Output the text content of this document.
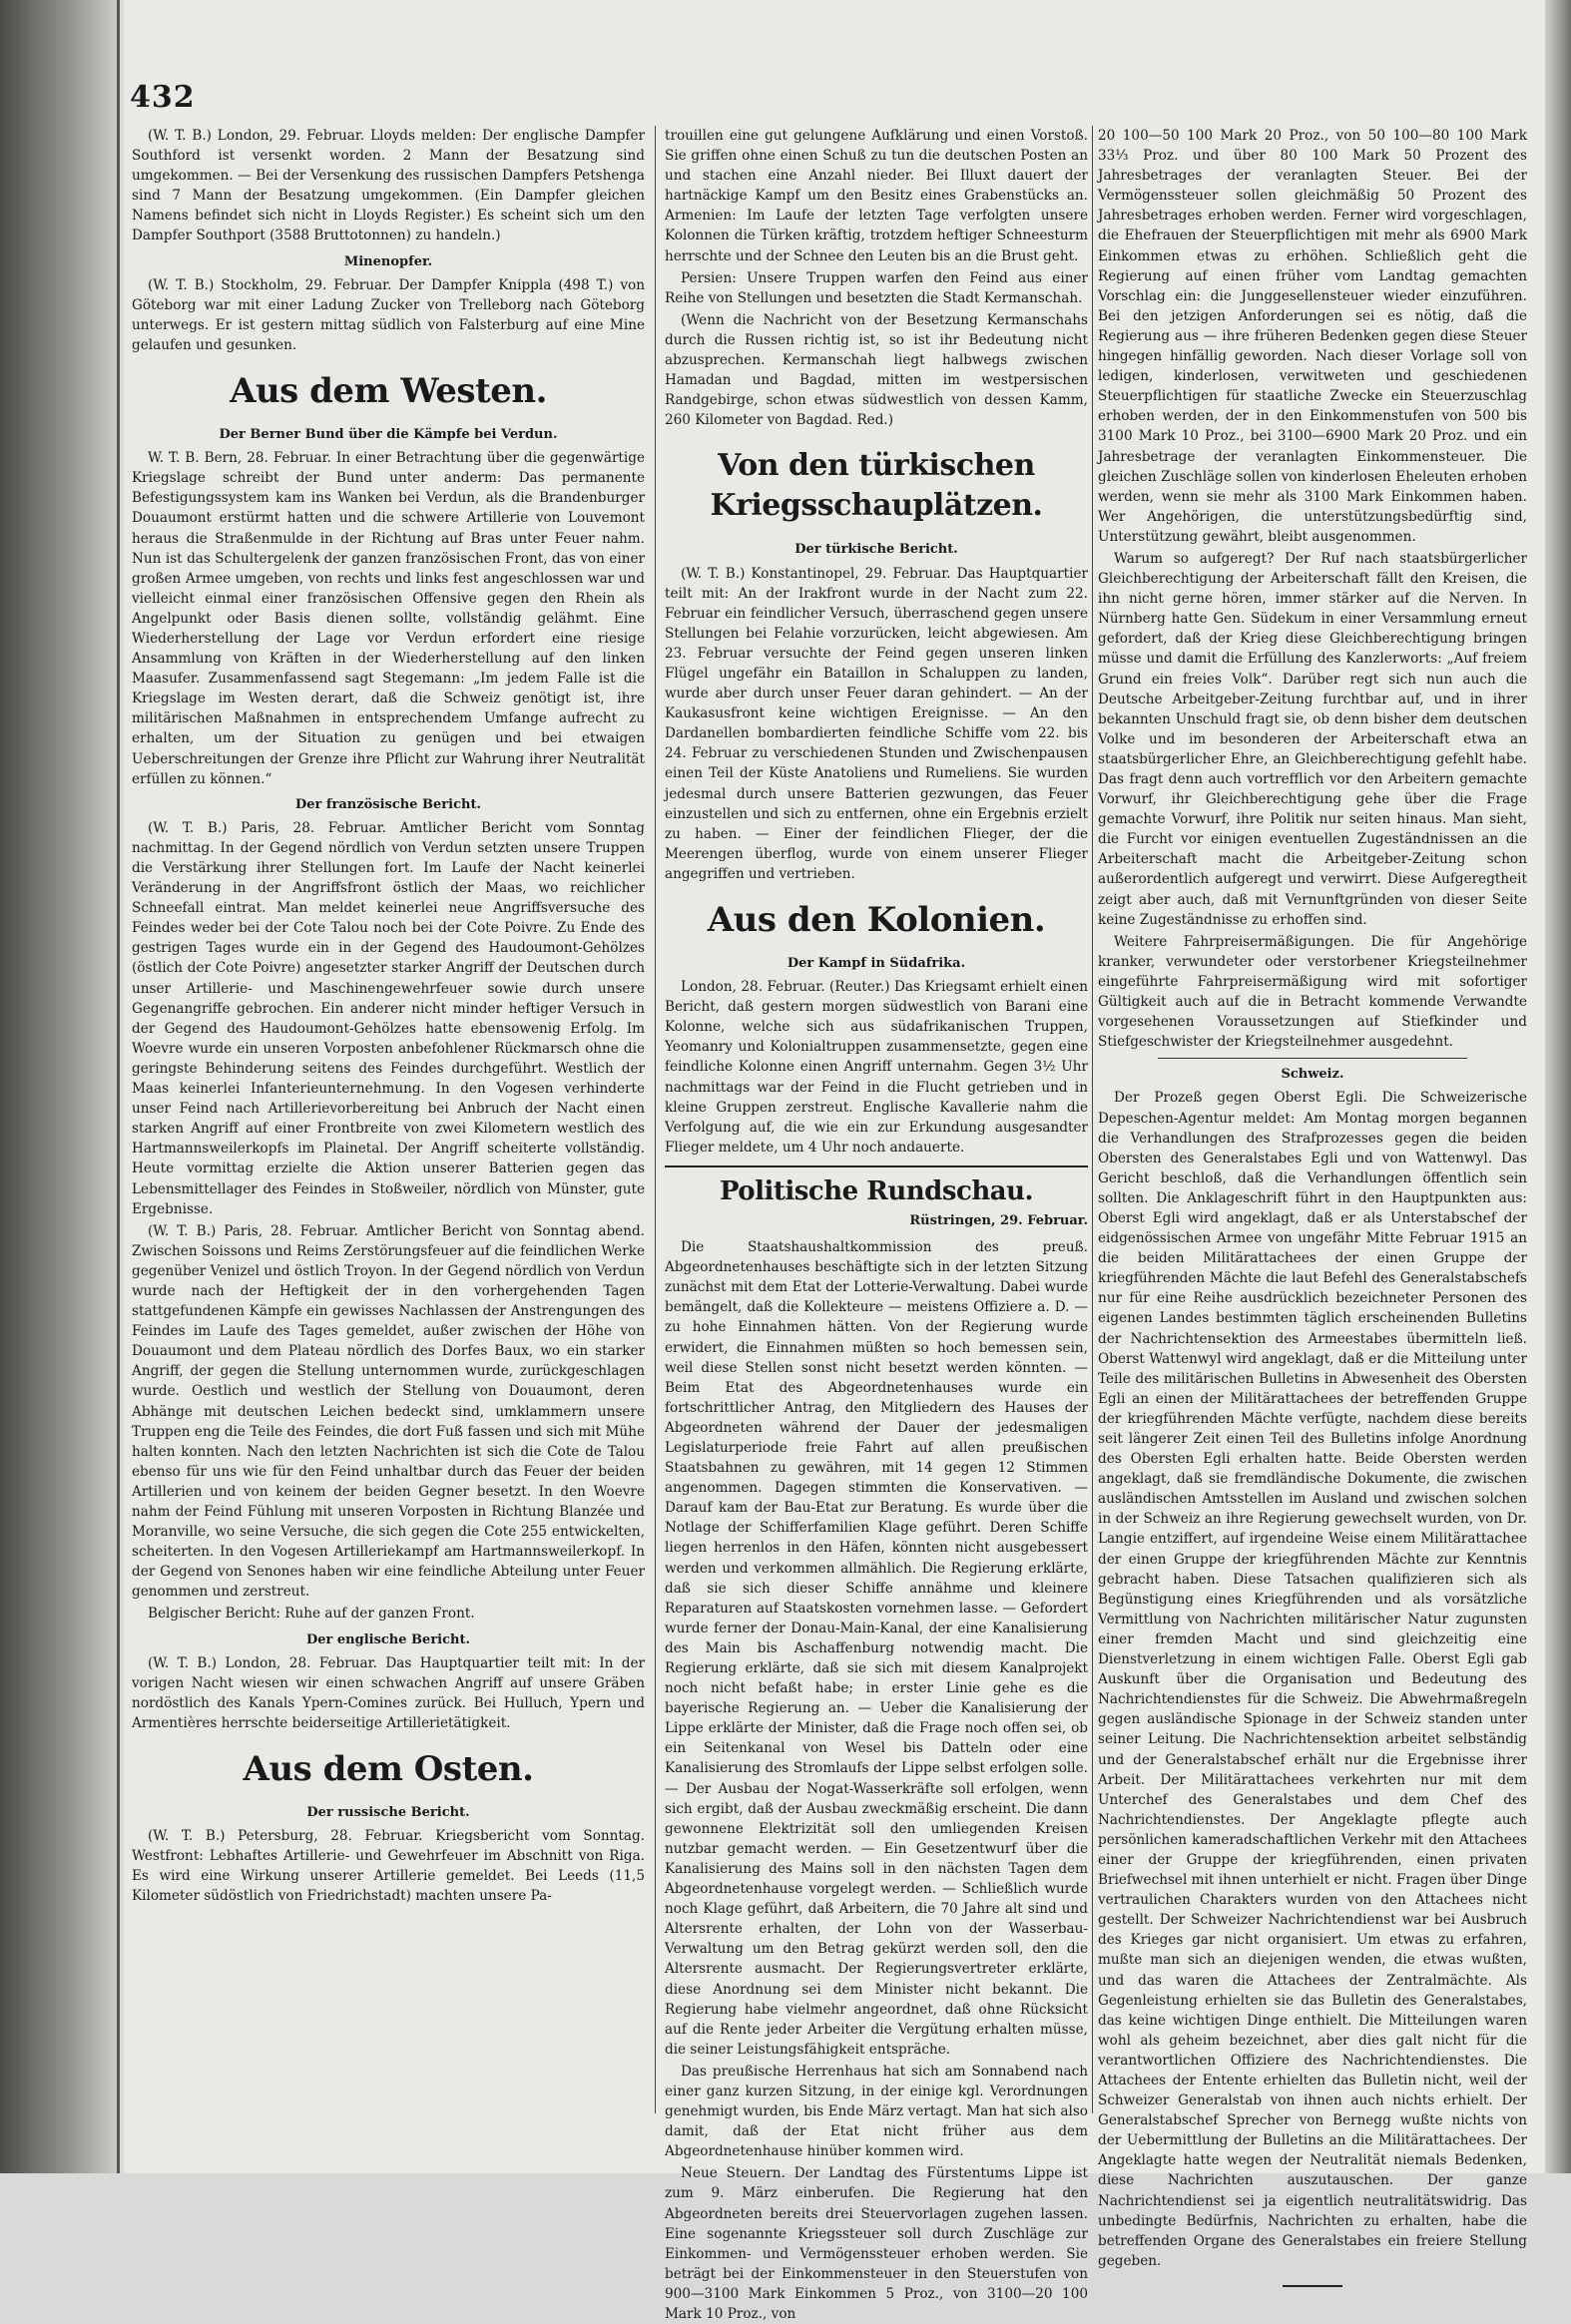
432

(W. T. B.) London, 29. Februar. Lloyds melden: Der englische Dampfer Southford ist versenkt worden. 2 Mann der Besatzung sind umgekommen. — Bei der Versenkung des russischen Dampfers Petshenga sind 7 Mann der Besatzung umgekommen. (Ein Dampfer gleichen Namens befindet sich nicht in Lloyds Register.) Es scheint sich um den Dampfer Southport (3588 Bruttotonnen) zu handeln.)

Minenopfer.

(W. T. B.) Stockholm, 29. Februar. Der Dampfer Knippla (498 T.) von Göteborg war mit einer Ladung Zucker von Trelleborg nach Göteborg unterwegs. Er ist gestern mittag südlich von Falsterburg auf eine Mine gelaufen und gesunken.

Aus dem Westen.
Der Berner Bund über die Kämpfe bei Verdun.

W. T. B. Bern, 28. Februar. In einer Betrachtung über die gegenwärtige Kriegslage schreibt der Bund unter anderm: Das permanente Befestigungssystem kam ins Wanken bei Verdun, als die Brandenburger Douaumont erstürmt hatten und die schwere Artillerie von Louvemont heraus die Straßenmulde in der Richtung auf Bras unter Feuer nahm. Nun ist das Schultergelenk der ganzen französischen Front, das von einer großen Armee umgeben, von rechts und links fest angeschlossen war und vielleicht einmal einer französischen Offensive gegen den Rhein als Angelpunkt oder Basis dienen sollte, vollständig gelähmt. Eine Wiederherstellung der Lage vor Verdun erfordert eine riesige Ansammlung von Kräften in der Wiederherstellung auf den linken Maasufer. Zusammenfassend sagt Stegemann: „Im jedem Falle ist die Kriegslage im Westen derart, daß die Schweiz genötigt ist, ihre militärischen Maßnahmen in entsprechendem Umfange aufrecht zu erhalten, um der Situation zu genügen und bei etwaigen Ueberschreitungen der Grenze ihre Pflicht zur Wahrung ihrer Neutralität erfüllen zu können.“

Der französische Bericht.

(W. T. B.) Paris, 28. Februar. Amtlicher Bericht vom Sonntag nachmittag. In der Gegend nördlich von Verdun setzten unsere Truppen die Verstärkung ihrer Stellungen fort. Im Laufe der Nacht keinerlei Veränderung in der Angriffsfront östlich der Maas, wo reichlicher Schneefall eintrat. Man meldet keinerlei neue Angriffsversuche des Feindes weder bei der Cote Talou noch bei der Cote Poivre. Zu Ende des gestrigen Tages wurde ein in der Gegend des Haudoumont-Gehölzes (östlich der Cote Poivre) angesetzter starker Angriff der Deutschen durch unser Artillerie- und Maschinengewehrfeuer sowie durch unsere Gegenangriffe gebrochen. Ein anderer nicht minder heftiger Versuch in der Gegend des Haudoumont-Gehölzes hatte ebensowenig Erfolg. Im Woevre wurde ein unseren Vorposten anbefohlener Rückmarsch ohne die geringste Behinderung seitens des Feindes durchgeführt. Westlich der Maas keinerlei Infanterieunternehmung. In den Vogesen verhinderte unser Feind nach Artillerievorbereitung bei Anbruch der Nacht einen starken Angriff auf einer Frontbreite von zwei Kilometern westlich des Hartmannsweilerkopfs im Plainetal. Der Angriff scheiterte vollständig. Heute vormittag erzielte die Aktion unserer Batterien gegen das Lebensmittellager des Feindes in Stoßweiler, nördlich von Münster, gute Ergebnisse.

(W. T. B.) Paris, 28. Februar. Amtlicher Bericht von Sonntag abend. Zwischen Soissons und Reims Zerstörungsfeuer auf die feindlichen Werke gegenüber Venizel und östlich Troyon. In der Gegend nördlich von Verdun wurde nach der Heftigkeit der in den vorhergehenden Tagen stattgefundenen Kämpfe ein gewisses Nachlassen der Anstrengungen des Feindes im Laufe des Tages gemeldet, außer zwischen der Höhe von Douaumont und dem Plateau nördlich des Dorfes Baux, wo ein starker Angriff, der gegen die Stellung unternommen wurde, zurückgeschlagen wurde. Oestlich und westlich der Stellung von Douaumont, deren Abhänge mit deutschen Leichen bedeckt sind, umklammern unsere Truppen eng die Teile des Feindes, die dort Fuß fassen und sich mit Mühe halten konnten. Nach den letzten Nachrichten ist sich die Cote de Talou ebenso für uns wie für den Feind unhaltbar durch das Feuer der beiden Artillerien und von keinem der beiden Gegner besetzt. In den Woevre nahm der Feind Fühlung mit unseren Vorposten in Richtung Blanzée und Moranville, wo seine Versuche, die sich gegen die Cote 255 entwickelten, scheiterten. In den Vogesen Artilleriekampf am Hartmannsweilerkopf. In der Gegend von Senones haben wir eine feindliche Abteilung unter Feuer genommen und zerstreut.

Belgischer Bericht: Ruhe auf der ganzen Front.

Der englische Bericht.

(W. T. B.) London, 28. Februar. Das Hauptquartier teilt mit: In der vorigen Nacht wiesen wir einen schwachen Angriff auf unsere Gräben nordöstlich des Kanals Ypern-Comines zurück. Bei Hulluch, Ypern und Armentières herrschte beiderseitige Artillerietätigkeit.

Aus dem Osten.
Der russische Bericht.

(W. T. B.) Petersburg, 28. Februar. Kriegsbericht vom Sonntag. Westfront: Lebhaftes Artillerie- und Gewehrfeuer im Abschnitt von Riga. Es wird eine Wirkung unserer Artillerie gemeldet. Bei Leeds (11,5 Kilometer südöstlich von Friedrichstadt) machten unsere Pa-

trouillen eine gut gelungene Aufklärung und einen Vorstoß. Sie griffen ohne einen Schuß zu tun die deutschen Posten an und stachen eine Anzahl nieder. Bei Illuxt dauert der hartnäckige Kampf um den Besitz eines Grabenstücks an. Armenien: Im Laufe der letzten Tage verfolgten unsere Kolonnen die Türken kräftig, trotzdem heftiger Schneesturm herrschte und der Schnee den Leuten bis an die Brust geht.

Persien: Unsere Truppen warfen den Feind aus einer Reihe von Stellungen und besetzten die Stadt Kermanschah.

(Wenn die Nachricht von der Besetzung Kermanschahs durch die Russen richtig ist, so ist ihr Bedeutung nicht abzusprechen. Kermanschah liegt halbwegs zwischen Hamadan und Bagdad, mitten im westpersischen Randgebirge, schon etwas südwestlich von dessen Kamm, 260 Kilometer von Bagdad. Red.)

Von den türkischen Kriegsschauplätzen.
Der türkische Bericht.

(W. T. B.) Konstantinopel, 29. Februar. Das Hauptquartier teilt mit: An der Irakfront wurde in der Nacht zum 22. Februar ein feindlicher Versuch, überraschend gegen unsere Stellungen bei Felahie vorzurücken, leicht abgewiesen. Am 23. Februar versuchte der Feind gegen unseren linken Flügel ungefähr ein Bataillon in Schaluppen zu landen, wurde aber durch unser Feuer daran gehindert. — An der Kaukasusfront keine wichtigen Ereignisse. — An den Dardanellen bombardierten feindliche Schiffe vom 22. bis 24. Februar zu verschiedenen Stunden und Zwischenpausen einen Teil der Küste Anatoliens und Rumeliens. Sie wurden jedesmal durch unsere Batterien gezwungen, das Feuer einzustellen und sich zu entfernen, ohne ein Ergebnis erzielt zu haben. — Einer der feindlichen Flieger, der die Meerengen überflog, wurde von einem unserer Flieger angegriffen und vertrieben.

Aus den Kolonien.
Der Kampf in Südafrika.

London, 28. Februar. (Reuter.) Das Kriegsamt erhielt einen Bericht, daß gestern morgen südwestlich von Barani eine Kolonne, welche sich aus südafrikanischen Truppen, Yeomanry und Kolonialtruppen zusammensetzte, gegen eine feindliche Kolonne einen Angriff unternahm. Gegen 3½ Uhr nachmittags war der Feind in die Flucht getrieben und in kleine Gruppen zerstreut. Englische Kavallerie nahm die Verfolgung auf, die wie ein zur Erkundung ausgesandter Flieger meldete, um 4 Uhr noch andauerte.

Politische Rundschau.
Rüstringen, 29. Februar.

Die Staatshaushaltkommission des preuß. Abgeordnetenhauses beschäftigte sich in der letzten Sitzung zunächst mit dem Etat der Lotterie-Verwaltung. Dabei wurde bemängelt, daß die Kollekteure — meistens Offiziere a. D. — zu hohe Einnahmen hätten. Von der Regierung wurde erwidert, die Einnahmen müßten so hoch bemessen sein, weil diese Stellen sonst nicht besetzt werden könnten. — Beim Etat des Abgeordnetenhauses wurde ein fortschrittlicher Antrag, den Mitgliedern des Hauses der Abgeordneten während der Dauer der jedesmaligen Legislaturperiode freie Fahrt auf allen preußischen Staatsbahnen zu gewähren, mit 14 gegen 12 Stimmen angenommen. Dagegen stimmten die Konservativen. — Darauf kam der Bau-Etat zur Beratung. Es wurde über die Notlage der Schifferfamilien Klage geführt. Deren Schiffe liegen herrenlos in den Häfen, könnten nicht ausgebessert werden und verkommen allmählich. Die Regierung erklärte, daß sie sich dieser Schiffe annähme und kleinere Reparaturen auf Staatskosten vornehmen lasse. — Gefordert wurde ferner der Donau-Main-Kanal, der eine Kanalisierung des Main bis Aschaffenburg notwendig macht. Die Regierung erklärte, daß sie sich mit diesem Kanalprojekt noch nicht befaßt habe; in erster Linie gehe es die bayerische Regierung an. — Ueber die Kanalisierung der Lippe erklärte der Minister, daß die Frage noch offen sei, ob ein Seitenkanal von Wesel bis Datteln oder eine Kanalisierung des Stromlaufs der Lippe selbst erfolgen solle. — Der Ausbau der Nogat-Wasserkräfte soll erfolgen, wenn sich ergibt, daß der Ausbau zweckmäßig erscheint. Die dann gewonnene Elektrizität soll den umliegenden Kreisen nutzbar gemacht werden. — Ein Gesetzentwurf über die Kanalisierung des Mains soll in den nächsten Tagen dem Abgeordnetenhause vorgelegt werden. — Schließlich wurde noch Klage geführt, daß Arbeitern, die 70 Jahre alt sind und Altersrente erhalten, der Lohn von der Wasserbau-Verwaltung um den Betrag gekürzt werden soll, den die Altersrente ausmacht. Der Regierungsvertreter erklärte, diese Anordnung sei dem Minister nicht bekannt. Die Regierung habe vielmehr angeordnet, daß ohne Rücksicht auf die Rente jeder Arbeiter die Vergütung erhalten müsse, die seiner Leistungsfähigkeit entspräche.

Das preußische Herrenhaus hat sich am Sonnabend nach einer ganz kurzen Sitzung, in der einige kgl. Verordnungen genehmigt wurden, bis Ende März vertagt. Man hat sich also damit, daß der Etat nicht früher aus dem Abgeordnetenhause hinüber kommen wird.

Neue Steuern. Der Landtag des Fürstentums Lippe ist zum 9. März einberufen. Die Regierung hat den Abgeordneten bereits drei Steuervorlagen zugehen lassen. Eine sogenannte Kriegssteuer soll durch Zuschläge zur Einkommen- und Vermögenssteuer erhoben werden. Sie beträgt bei der Einkommensteuer in den Steuerstufen von 900—3100 Mark Einkommen 5 Proz., von 3100—20 100 Mark 10 Proz., von

20 100—50 100 Mark 20 Proz., von 50 100—80 100 Mark 33⅓ Proz. und über 80 100 Mark 50 Prozent des Jahresbetrages der veranlagten Steuer. Bei der Vermögenssteuer sollen gleichmäßig 50 Prozent des Jahresbetrages erhoben werden. Ferner wird vorgeschlagen, die Ehefrauen der Steuerpflichtigen mit mehr als 6900 Mark Einkommen etwas zu erhöhen. Schließlich geht die Regierung auf einen früher vom Landtag gemachten Vorschlag ein: die Junggesellensteuer wieder einzuführen. Bei den jetzigen Anforderungen sei es nötig, daß die Regierung aus — ihre früheren Bedenken gegen diese Steuer hingegen hinfällig geworden. Nach dieser Vorlage soll von ledigen, kinderlosen, verwitweten und geschiedenen Steuerpflichtigen für staatliche Zwecke ein Steuerzuschlag erhoben werden, der in den Einkommenstufen von 500 bis 3100 Mark 10 Proz., bei 3100—6900 Mark 20 Proz. und ein Jahresbetrage der veranlagten Einkommensteuer. Die gleichen Zuschläge sollen von kinderlosen Eheleuten erhoben werden, wenn sie mehr als 3100 Mark Einkommen haben. Wer Angehörigen, die unterstützungsbedürftig sind, Unterstützung gewährt, bleibt ausgenommen.

Warum so aufgeregt? Der Ruf nach staatsbürgerlicher Gleichberechtigung der Arbeiterschaft fällt den Kreisen, die ihn nicht gerne hören, immer stärker auf die Nerven. In Nürnberg hatte Gen. Südekum in einer Versammlung erneut gefordert, daß der Krieg diese Gleichberechtigung bringen müsse und damit die Erfüllung des Kanzlerworts: „Auf freiem Grund ein freies Volk“. Darüber regt sich nun auch die Deutsche Arbeitgeber-Zeitung furchtbar auf, und in ihrer bekannten Unschuld fragt sie, ob denn bisher dem deutschen Volke und im besonderen der Arbeiterschaft etwa an staatsbürgerlicher Ehre, an Gleichberechtigung gefehlt habe. Das fragt denn auch vortrefflich vor den Arbeitern gemachte Vorwurf, ihr Gleichberechtigung gehe über die Frage gemachte Vorwurf, ihre Politik nur seiten hinaus. Man sieht, die Furcht vor einigen eventuellen Zugeständnissen an die Arbeiterschaft macht die Arbeitgeber-Zeitung schon außerordentlich aufgeregt und verwirrt. Diese Aufgeregtheit zeigt aber auch, daß mit Vernunftgründen von dieser Seite keine Zugeständnisse zu erhoffen sind.

Weitere Fahrpreisermäßigungen. Die für Angehörige kranker, verwundeter oder verstorbener Kriegsteilnehmer eingeführte Fahrpreisermäßigung wird mit sofortiger Gültigkeit auch auf die in Betracht kommende Verwandte vorgesehenen Voraussetzungen auf Stiefkinder und Stiefgeschwister der Kriegsteilnehmer ausgedehnt.

Schweiz.

Der Prozeß gegen Oberst Egli. Die Schweizerische Depeschen-Agentur meldet: Am Montag morgen begannen die Verhandlungen des Strafprozesses gegen die beiden Obersten des Generalstabes Egli und von Wattenwyl. Das Gericht beschloß, daß die Verhandlungen öffentlich sein sollten. Die Anklageschrift führt in den Hauptpunkten aus: Oberst Egli wird angeklagt, daß er als Unterstabschef der eidgenössischen Armee von ungefähr Mitte Februar 1915 an die beiden Militärattachees der einen Gruppe der kriegführenden Mächte die laut Befehl des Generalstabschefs nur für eine Reihe ausdrücklich bezeichneter Personen des eigenen Landes bestimmten täglich erscheinenden Bulletins der Nachrichtensektion des Armeestabes übermitteln ließ. Oberst Wattenwyl wird angeklagt, daß er die Mitteilung unter Teile des militärischen Bulletins in Abwesenheit des Obersten Egli an einen der Militärattachees der betreffenden Gruppe der kriegführenden Mächte verfügte, nachdem diese bereits seit längerer Zeit einen Teil des Bulletins infolge Anordnung des Obersten Egli erhalten hatte. Beide Obersten werden angeklagt, daß sie fremdländische Dokumente, die zwischen ausländischen Amtsstellen im Ausland und zwischen solchen in der Schweiz an ihre Regierung gewechselt wurden, von Dr. Langie entziffert, auf irgendeine Weise einem Militärattachee der einen Gruppe der kriegführenden Mächte zur Kenntnis gebracht haben. Diese Tatsachen qualifizieren sich als Begünstigung eines Kriegführenden und als vorsätzliche Vermittlung von Nachrichten militärischer Natur zugunsten einer fremden Macht und sind gleichzeitig eine Dienstverletzung in einem wichtigen Falle. Oberst Egli gab Auskunft über die Organisation und Bedeutung des Nachrichtendienstes für die Schweiz. Die Abwehrmaßregeln gegen ausländische Spionage in der Schweiz standen unter seiner Leitung. Die Nachrichtensektion arbeitet selbständig und der Generalstabschef erhält nur die Ergebnisse ihrer Arbeit. Der Militärattachees verkehrten nur mit dem Unterchef des Generalstabes und dem Chef des Nachrichtendienstes. Der Angeklagte pflegte auch persönlichen kameradschaftlichen Verkehr mit den Attachees einer der Gruppe der kriegführenden, einen privaten Briefwechsel mit ihnen unterhielt er nicht. Fragen über Dinge vertraulichen Charakters wurden von den Attachees nicht gestellt. Der Schweizer Nachrichtendienst war bei Ausbruch des Krieges gar nicht organisiert. Um etwas zu erfahren, mußte man sich an diejenigen wenden, die etwas wußten, und das waren die Attachees der Zentralmächte. Als Gegenleistung erhielten sie das Bulletin des Generalstabes, das keine wichtigen Dinge enthielt. Die Mitteilungen waren wohl als geheim bezeichnet, aber dies galt nicht für die verantwortlichen Offiziere des Nachrichtendienstes. Die Attachees der Entente erhielten das Bulletin nicht, weil der Schweizer Generalstab von ihnen auch nichts erhielt. Der Generalstabschef Sprecher von Bernegg wußte nichts von der Uebermittlung der Bulletins an die Militärattachees. Der Angeklagte hatte wegen der Neutralität niemals Bedenken, diese Nachrichten auszutauschen. Der ganze Nachrichtendienst sei ja eigentlich neutralitätswidrig. Das unbedingte Bedürfnis, Nachrichten zu erhalten, habe die betreffenden Organe des Generalstabes ein freiere Stellung gegeben.
